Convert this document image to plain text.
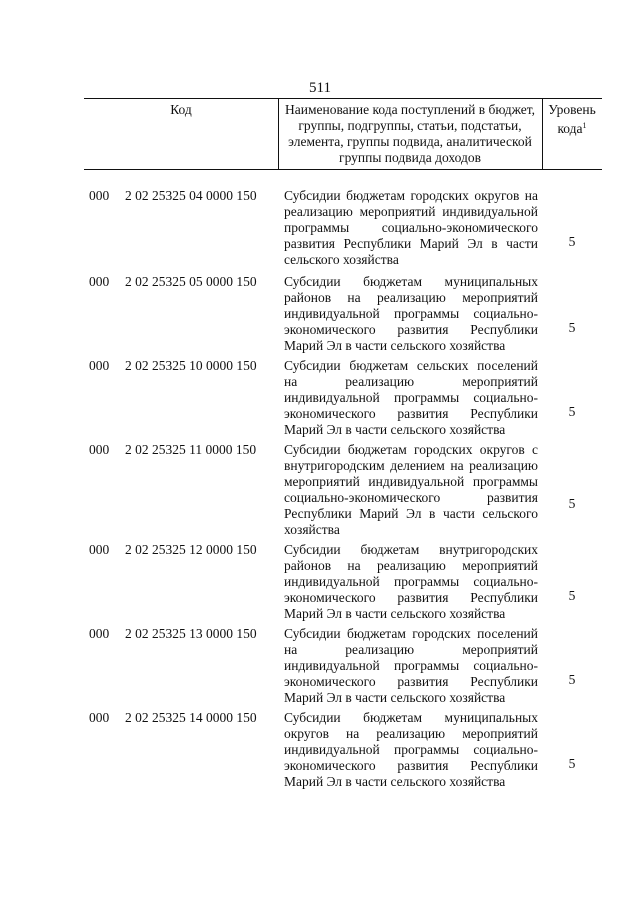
511
Код	Наименование кода поступлений в бюджет, группы, подгруппы, статьи, подстатьи, элемента, группы подвида, аналитической группы подвида доходов
Уровень кода$^1$
000 2 02 25325 04 0000 150 Субсидии бюджетам городских округов на реализацию мероприятий индивидуальной программы социально-экономического развития Республики Марий Эл в части сельского хозяйства
5
000 2 02 25325 05 0000 150 Субсидии бюджетам муниципальных районов на реализацию мероприятий индивидуальной программы социально-экономического развития Республики Марий Эл в части сельского хозяйства
5
000 2 02 25325 10 0000 150 Субсидии бюджетам сельских поселений на реализацию мероприятий индивидуальной программы социально-экономического развития Республики Марий Эл в части сельского хозяйства
5
000 2 02 25325 11 0000 150 Субсидии бюджетам городских округов с внутригородским делением на реализацию мероприятий индивидуальной программы социально-экономического развития Республики Марий Эл в части сельского хозяйства
5
000 2 02 25325 12 0000 150 Субсидии бюджетам внутригородских районов на реализацию мероприятий индивидуальной программы социально-экономического развития Республики Марий Эл в части сельского хозяйства
5
000 2 02 25325 13 0000 150 Субсидии бюджетам городских поселений на реализацию мероприятий индивидуальной программы социально-экономического развития Республики Марий Эл в части сельского хозяйства
5
000 2 02 25325 14 0000 150 Субсидии бюджетам муниципальных округов на реализацию мероприятий индивидуальной программы социально-экономического развития Республики Марий Эл в части сельского хозяйства
5
